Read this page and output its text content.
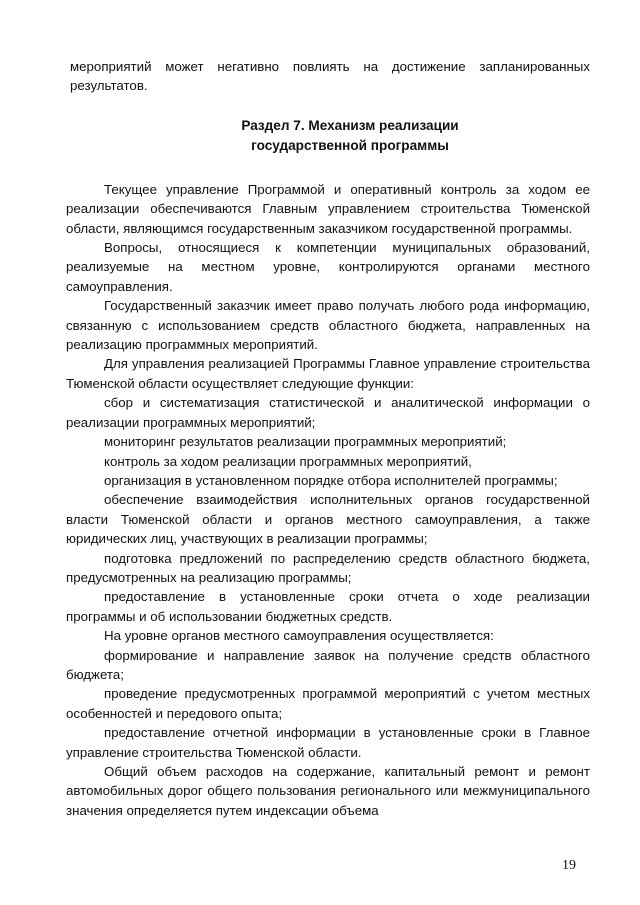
мероприятий может негативно повлиять на достижение запланированных результатов.

Раздел 7. Механизм реализации
государственной программы

Текущее управление Программой и оперативный контроль за ходом ее реализации обеспечиваются Главным управлением строительства Тюменской области, являющимся государственным заказчиком государственной программы.

Вопросы, относящиеся к компетенции муниципальных образований, реализуемые на местном уровне, контролируются органами местного самоуправления.

Государственный заказчик имеет право получать любого рода информацию, связанную с использованием средств областного бюджета, направленных на реализацию программных мероприятий.

Для управления реализацией Программы Главное управление строительства Тюменской области осуществляет следующие функции:

сбор и систематизация статистической и аналитической информации о реализации программных мероприятий;

мониторинг результатов реализации программных мероприятий;

контроль за ходом реализации программных мероприятий,

организация в установленном порядке отбора исполнителей программы;

обеспечение взаимодействия исполнительных органов государственной власти Тюменской области и органов местного самоуправления, а также юридических лиц, участвующих в реализации программы;

подготовка предложений по распределению средств областного бюджета, предусмотренных на реализацию программы;

предоставление в установленные сроки отчета о ходе реализации программы и об использовании бюджетных средств.

На уровне органов местного самоуправления осуществляется:

формирование и направление заявок на получение средств областного бюджета;

проведение предусмотренных программой мероприятий с учетом местных особенностей и передового опыта;

предоставление отчетной информации в установленные сроки в Главное управление строительства Тюменской области.

Общий объем расходов на содержание, капитальный ремонт и ремонт автомобильных дорог общего пользования регионального или межмуниципального значения определяется путем индексации объема

19
